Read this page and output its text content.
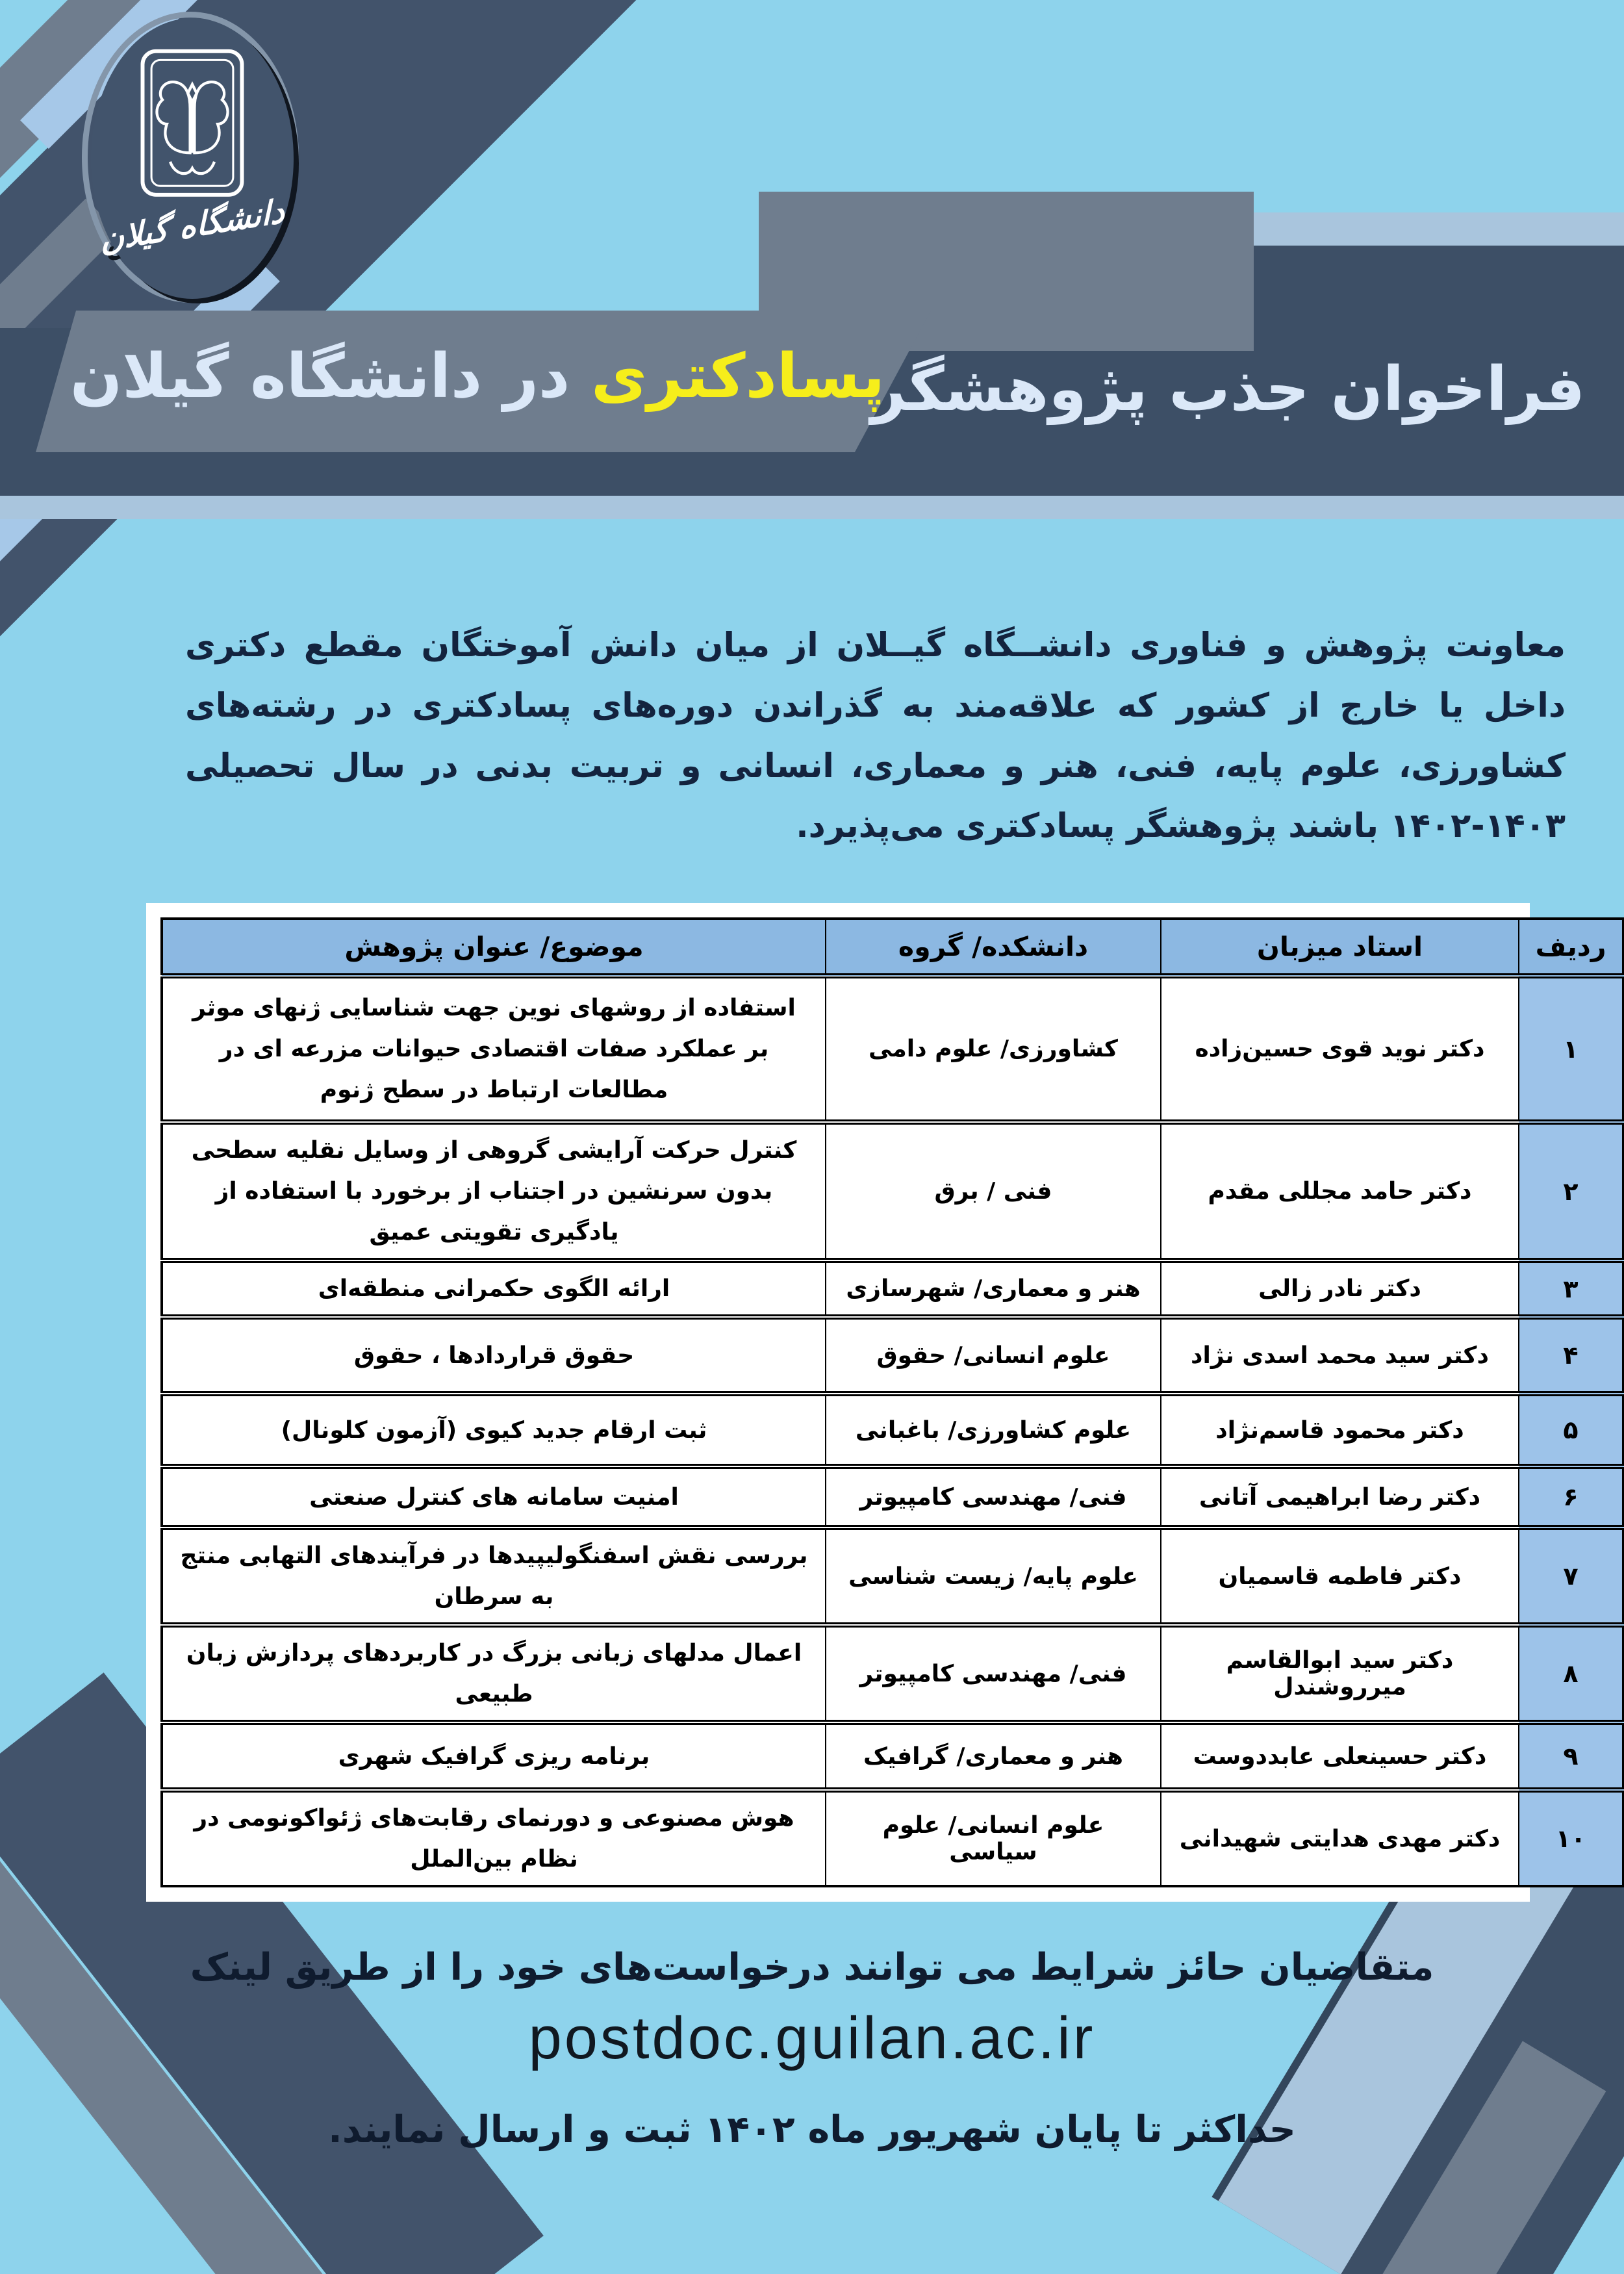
دانشگاه گیلان
فراخوان جذب پژوهشگر
پسادکتری در دانشگاه گیلان
معاونت پژوهش و فناوری دانشــگاه گیــلان از میان دانش آموختگان مقطع دکتری داخل یا خارج از کشور که علاقه‌مند به گذراندن دوره‌های پسادکتری در رشته‌های کشاورزی، علوم پایه، فنی، هنر و معماری، انسانی و تربیت بدنی در سال تحصیلی ۱۴۰۳-۱۴۰۲ باشند پژوهشگر پسادکتری می‌پذیرد.
ردیف	استاد میزبان	دانشکده/ گروه	موضوع/ عنوان پژوهش
۱	دکتر نوید قوی حسین‌زاده	کشاورزی/ علوم دامی	استفاده از روشهای نوین جهت شناسایی ژنهای موثر بر عملکرد صفات اقتصادی حیوانات مزرعه ای در مطالعات ارتباط در سطح ژنوم
۲	دکتر حامد مجللی مقدم	فنی / برق	کنترل حرکت آرایشی گروهی از وسایل نقلیه سطحی بدون سرنشین در اجتناب از برخورد با استفاده از یادگیری تقویتی عمیق
۳	دکتر نادر زالی	هنر و معماری/ شهرسازی	ارائه الگوی حکمرانی منطقه‌ای
۴	دکتر سید محمد اسدی نژاد	علوم انسانی/ حقوق	حقوق قراردادها ، حقوق
۵	دکتر محمود قاسم‌نژاد	علوم کشاورزی/ باغبانی	ثبت ارقام جدید کیوی (آزمون کلونال)
۶	دکتر رضا ابراهیمی آتانی	فنی/ مهندسی کامپیوتر	امنیت سامانه های کنترل صنعتی
۷	دکتر فاطمه قاسمیان	علوم پایه/ زیست شناسی	بررسی نقش اسفنگولیپیدها در فرآیندهای التهابی منتج به سرطان
۸	دکتر سید ابوالقاسم میرروشندل	فنی/ مهندسی کامپیوتر	اعمال مدلهای زبانی بزرگ در کاربردهای پردازش زبان طبیعی
۹	دکتر حسینعلی عابددوست	هنر و معماری/ گرافیک	برنامه ریزی گرافیک شهری
۱۰	دکتر مهدی هدایتی شهیدانی	علوم انسانی/ علوم سیاسی	هوش مصنوعی و دورنمای رقابت‌های ژئواکونومی در نظام بین‌الملل
متقاضیان حائز شرایط می توانند درخواست‌های خود را از طریق لینک
postdoc.guilan.ac.ir
حداکثر تا پایان شهریور ماه ۱۴۰۲ ثبت و ارسال نمایند.
